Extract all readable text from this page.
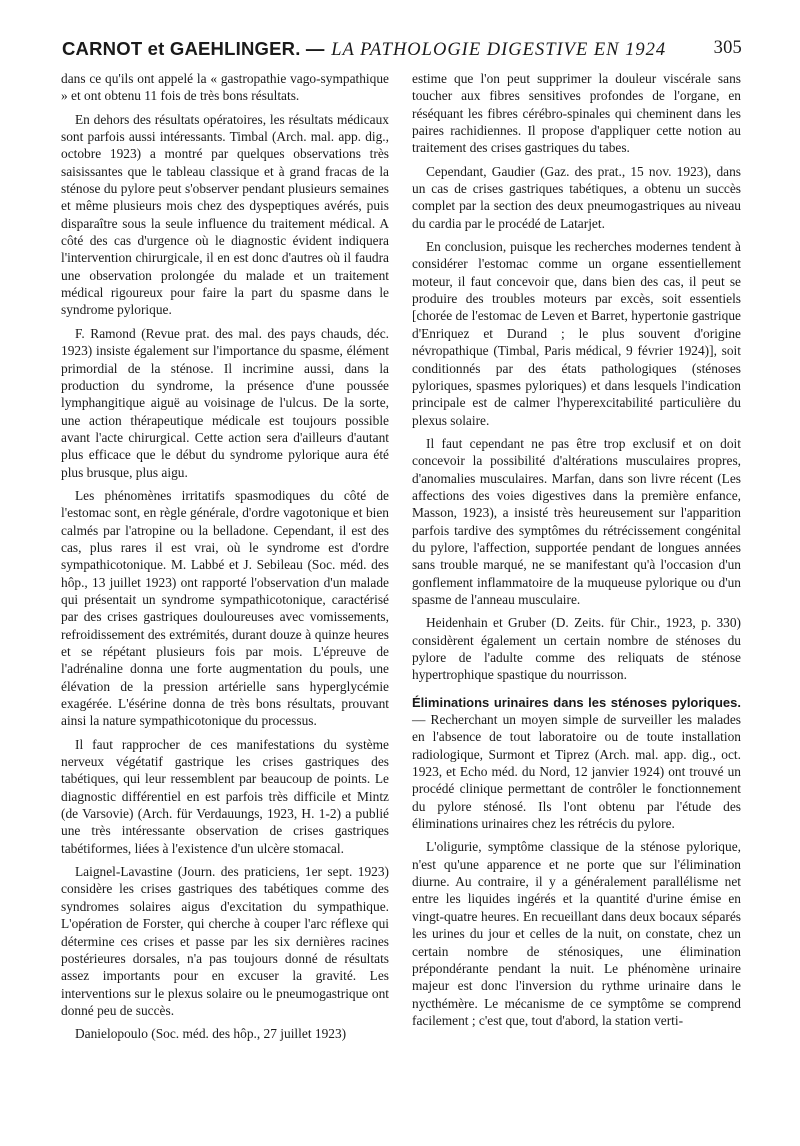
CARNOT et GAEHLINGER. — LA PATHOLOGIE DIGESTIVE EN 1924	305

dans ce qu'ils ont appelé la « gastropathie vago-sympathique » et ont obtenu 11 fois de très bons résultats.

En dehors des résultats opératoires, les résultats médicaux sont parfois aussi intéressants. Timbal (Arch. mal. app. dig., octobre 1923) a montré par quelques observations très saisissantes que le tableau classique et à grand fracas de la sténose du pylore peut s'observer pendant plusieurs semaines et même plusieurs mois chez des dyspeptiques avérés, puis disparaître sous la seule influence du traitement médical. A côté des cas d'urgence où le diagnostic évident indiquera l'intervention chirurgicale, il en est donc d'autres où il faudra une observation prolongée du malade et un traitement médical rigoureux pour faire la part du spasme dans le syndrome pylorique.

F. Ramond (Revue prat. des mal. des pays chauds, déc. 1923) insiste également sur l'importance du spasme, élément primordial de la sténose. Il incrimine aussi, dans la production du syndrome, la présence d'une poussée lymphangitique aiguë au voisinage de l'ulcus. De la sorte, une action thérapeutique médicale est toujours possible avant l'acte chirurgical. Cette action sera d'ailleurs d'autant plus efficace que le début du syndrome pylorique aura été plus brusque, plus aigu.

Les phénomènes irritatifs spasmodiques du côté de l'estomac sont, en règle générale, d'ordre vagotonique et bien calmés par l'atropine ou la belladone. Cependant, il est des cas, plus rares il est vrai, où le syndrome est d'ordre sympathicotonique. M. Labbé et J. Sebileau (Soc. méd. des hôp., 13 juillet 1923) ont rapporté l'observation d'un malade qui présentait un syndrome sympathicotonique, caractérisé par des crises gastriques douloureuses avec vomissements, refroidissement des extrémités, durant douze à quinze heures et se répétant plusieurs fois par mois. L'épreuve de l'adrénaline donna une forte augmentation du pouls, une élévation de la pression artérielle sans hyperglycémie exagérée. L'ésérine donna de très bons résultats, prouvant ainsi la nature sympathicotonique du processus.

Il faut rapprocher de ces manifestations du système nerveux végétatif gastrique les crises gastriques des tabétiques, qui leur ressemblent par beaucoup de points. Le diagnostic différentiel en est parfois très difficile et Mintz (de Varsovie) (Arch. für Verdauungs, 1923, H. 1-2) a publié une très intéressante observation de crises gastriques tabétiformes, liées à l'existence d'un ulcère stomacal.

Laignel-Lavastine (Journ. des praticiens, 1er sept. 1923) considère les crises gastriques des tabétiques comme des syndromes solaires aigus d'excitation du sympathique. L'opération de Forster, qui cherche à couper l'arc réflexe qui détermine ces crises et passe par les six dernières racines postérieures dorsales, n'a pas toujours donné de résultats assez importants pour en excuser la gravité. Les interventions sur le plexus solaire ou le pneumogastrique ont donné peu de succès.

Danielopoulo (Soc. méd. des hôp., 27 juillet 1923)

estime que l'on peut supprimer la douleur viscérale sans toucher aux fibres sensitives profondes de l'organe, en réséquant les fibres cérébro-spinales qui cheminent dans les paires rachidiennes. Il propose d'appliquer cette notion au traitement des crises gastriques du tabes.

Cependant, Gaudier (Gaz. des prat., 15 nov. 1923), dans un cas de crises gastriques tabétiques, a obtenu un succès complet par la section des deux pneumogastriques au niveau du cardia par le procédé de Latarjet.

En conclusion, puisque les recherches modernes tendent à considérer l'estomac comme un organe essentiellement moteur, il faut concevoir que, dans bien des cas, il peut se produire des troubles moteurs par excès, soit essentiels [chorée de l'estomac de Leven et Barret, hypertonie gastrique d'Enriquez et Durand ; le plus souvent d'origine névropathique (Timbal, Paris médical, 9 février 1924)], soit conditionnés par des états pathologiques (sténoses pyloriques, spasmes pyloriques) et dans lesquels l'indication principale est de calmer l'hyperexcitabilité particulière du plexus solaire.

Il faut cependant ne pas être trop exclusif et on doit concevoir la possibilité d'altérations musculaires propres, d'anomalies musculaires. Marfan, dans son livre récent (Les affections des voies digestives dans la première enfance, Masson, 1923), a insisté très heureusement sur l'apparition parfois tardive des symptômes du rétrécissement congénital du pylore, l'affection, supportée pendant de longues années sans trouble marqué, ne se manifestant qu'à l'occasion d'un gonflement inflammatoire de la muqueuse pylorique ou d'un spasme de l'anneau musculaire.

Heidenhain et Gruber (D. Zeits. für Chir., 1923, p. 330) considèrent également un certain nombre de sténoses du pylore de l'adulte comme des reliquats de sténose hypertrophique spastique du nourrisson.

Éliminations urinaires dans les sténoses pyloriques. — Recherchant un moyen simple de surveiller les malades en l'absence de tout laboratoire ou de toute installation radiologique, Surmont et Tiprez (Arch. mal. app. dig., oct. 1923, et Echo méd. du Nord, 12 janvier 1924) ont trouvé un procédé clinique permettant de contrôler le fonctionnement du pylore sténosé. Ils l'ont obtenu par l'étude des éliminations urinaires chez les rétrécis du pylore.

L'oligurie, symptôme classique de la sténose pylorique, n'est qu'une apparence et ne porte que sur l'élimination diurne. Au contraire, il y a généralement parallélisme net entre les liquides ingérés et la quantité d'urine émise en vingt-quatre heures. En recueillant dans deux bocaux séparés les urines du jour et celles de la nuit, on constate, chez un certain nombre de sténosiques, une élimination prépondérante pendant la nuit. Le phénomène urinaire majeur est donc l'inversion du rythme urinaire dans le nycthémère. Le mécanisme de ce symptôme se comprend facilement ; c'est que, tout d'abord, la station verti-
